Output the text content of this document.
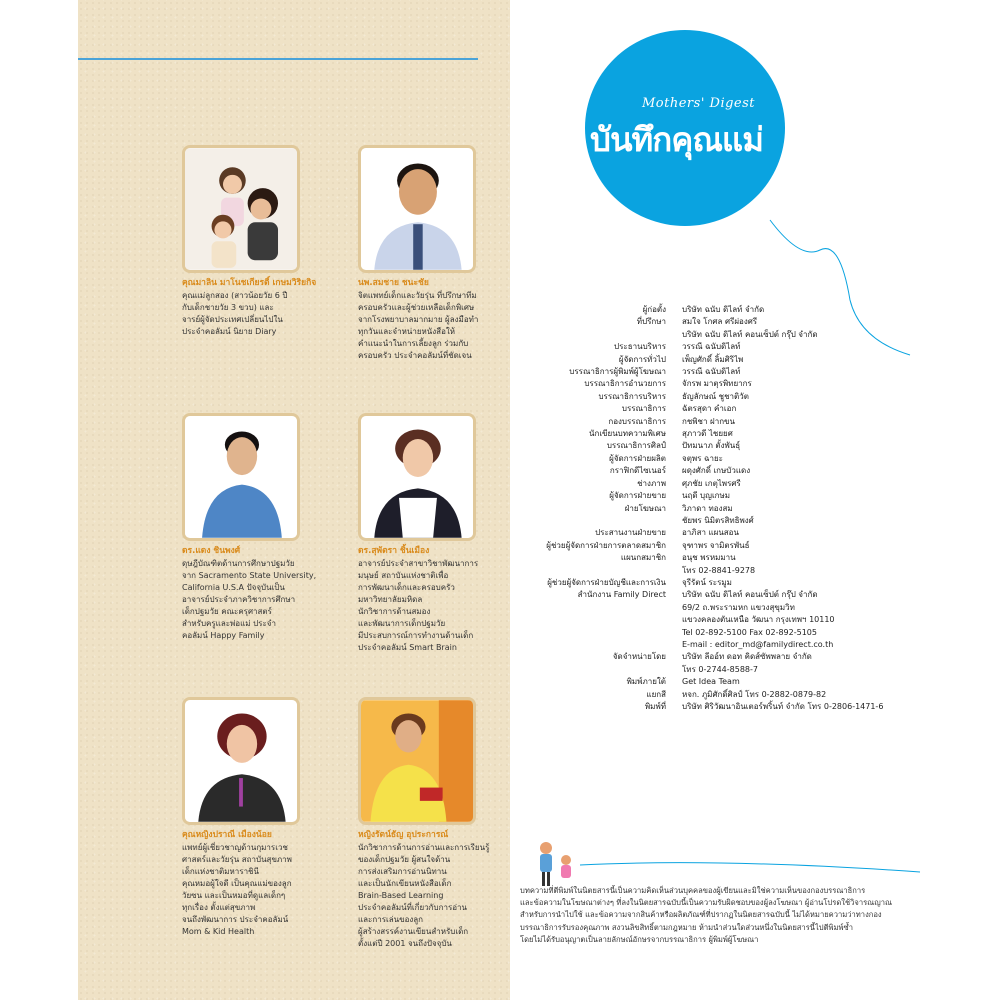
คุณมาลิน มาโนชเกียรติ์ เกษมวิริยกิจ
คุณแม่ลูกสอง (สาวน้อยวัย 6 ปี
กับเด็กชายวัย 3 ขวบ) และ
จารย์ผู้จัดประเทศเปลี่ยนไปใน
ประจำคอลัมน์ นิยาย Diary
นพ.สมชาย ชนะชัย
จิตแพทย์เด็กและวัยรุ่น ที่ปรึกษาทีม
ครอบครัวและผู้ช่วยเหลือเด็กพิเศษ
จากโรงพยาบาลมากมาย ผู้ลงมือทำ
ทุกวันและจำหน่ายหนังสือให้
คำแนะนำในการเลี้ยงลูก ร่วมกับ
ครอบครัว ประจำคอลัมน์ที่ชัดเจน
ดร.แดง ชินพงศ์
ดุษฎีบัณฑิตด้านการศึกษาปฐมวัย
จาก Sacramento State University,
California U.S.A ปัจจุบันเป็น
อาจารย์ประจำภาควิชาการศึกษา
เด็กปฐมวัย คณะครุศาสตร์
สำหรับครูและพ่อแม่ ประจำ
คอลัมน์ Happy Family
ดร.สุพัตรา ชิ้นเมือง
อาจารย์ประจำสาขาวิชาพัฒนาการ
มนุษย์ สถาบันแห่งชาติเพื่อ
การพัฒนาเด็กและครอบครัว
มหาวิทยาลัยมหิดล
นักวิชาการด้านสมอง
และพัฒนาการเด็กปฐมวัย
มีประสบการณ์การทำงานด้านเด็ก
ประจำคอลัมน์ Smart Brain
คุณหญิงปราณี เมืองน้อย
แพทย์ผู้เชี่ยวชาญด้านกุมารเวช
ศาสตร์และวัยรุ่น สถาบันสุขภาพ
เด็กแห่งชาติมหาราชินี
คุณหมอผู้ใจดี เป็นคุณแม่ของลูก
วัยซน และเป็นหมอที่ดูแลเด็กๆ
ทุกเรื่อง ตั้งแต่สุขภาพ
จนถึงพัฒนาการ ประจำคอลัมน์
Mom & Kid Health
หญิงรัตน์ธัญ อุประการณ์
นักวิชาการด้านการอ่านและการเรียนรู้
ของเด็กปฐมวัย ผู้สนใจด้าน
การส่งเสริมการอ่านนิทาน
และเป็นนักเขียนหนังสือเด็ก
Brain-Based Learning
ประจำคอลัมน์ที่เกี่ยวกับการอ่าน
และการเล่นของลูก
ผู้สร้างสรรค์งานเขียนสำหรับเด็ก
ตั้งแต่ปี 2001 จนถึงปัจจุบัน
Mothers' Digest
บันทึกคุณแม่
ผู้ก่อตั้ง	บริษัท ฉนับ ดิไลท์ จำกัด
ที่ปรึกษา	สมใจ โกศล ศรีผ่องศรี
บริษัท ฉนับ ดิไลท์ คอนเซ็ปต์ กรุ๊ป จำกัด
ประธานบริหาร	วรรณี ฉนับดิไลท์
ผู้จัดการทั่วไป	เพ็ญศักดิ์ ลิ้มศิริไพ
บรรณาธิการผู้พิมพ์ผู้โฆษณา	วรรณี ฉนับดิไลท์
บรรณาธิการอำนวยการ	จักรพ มาตุรพิทยากร
บรรณาธิการบริหาร	ธัญลักษณ์ ชูชาติวัต
บรรณาธิการ	ฉัตรสุดา คำเอก
กองบรรณาธิการ	กชพิชา ฝากขน
นักเขียนบทความพิเศษ	สุภาวดี ไชยยศ
บรรณาธิการศิลป์	ปัทมนาภ ตั้งพันธุ์
ผู้จัดการฝ่ายผลิต	จตุพร ฉายะ
กราฟิกดีไซเนอร์	ผดุงศักดิ์ เกษบัวแดง
ช่างภาพ	ศุภชัย เกตุไพรศรี
ผู้จัดการฝ่ายขาย	นฤดี บุญเกษม
ฝ่ายโฆษณา	วิภาดา ทองสม
ชัยพร นิมิตรสิทธิพงศ์
ประสานงานฝ่ายขาย	อาภิสา แผนสอน
ผู้ช่วยผู้จัดการฝ่ายการตลาดสมาชิก	จุฑาพร จามิตรพันธ์
แผนกสมาชิก	อนุช พรหมมาน
โทร 02-8841-9278
ผู้ช่วยผู้จัดการฝ่ายบัญชีและการเงิน	จุรีรัตน์ ระรมูม
สำนักงาน Family Direct	บริษัท ฉนับ ดิไลท์ คอนเซ็ปต์ กรุ๊ป จำกัด
69/2 ถ.พระรามหก แขวงสุขุมวิท
แขวงคลองตันเหนือ วัฒนา กรุงเทพฯ 10110
Tel 02-892-5100 Fax 02-892-5105
E-mail : editor_md@familydirect.co.th
จัดจำหน่ายโดย	บริษัท ลีออ์ท ดอท คิดส์ซัพพลาย จำกัด
โทร 0-2744-8588-7
พิมพ์ภายใต้	Get Idea Team
แยกสี	หจก. ภูมิศักดิ์ศิลป์ โทร 0-2882-0879-82
พิมพ์ที่	บริษัท ศิริวัฒนาอินเตอร์พริ้นท์ จำกัด โทร 0-2806-1471-6
บทความที่ตีพิมพ์ในนิตยสารนี้เป็นความคิดเห็นส่วนบุคคลของผู้เขียนและมิใช่ความเห็นของกองบรรณาธิการ
และข้อความในโฆษณาต่างๆ ที่ลงในนิตยสารฉบับนี้เป็นความรับผิดชอบของผู้ลงโฆษณา ผู้อ่านโปรดใช้วิจารณญาณ
สำหรับการนำไปใช้ และข้อความจากสินค้าหรือผลิตภัณฑ์ที่ปรากฏในนิตยสารฉบับนี้ ไม่ได้หมายความว่าทางกอง
บรรณาธิการรับรองคุณภาพ สงวนลิขสิทธิ์ตามกฎหมาย ห้ามนำส่วนใดส่วนหนึ่งในนิตยสารนี้ไปตีพิมพ์ซ้ำ
โดยไม่ได้รับอนุญาตเป็นลายลักษณ์อักษรจากบรรณาธิการ ผู้พิมพ์ผู้โฆษณา
